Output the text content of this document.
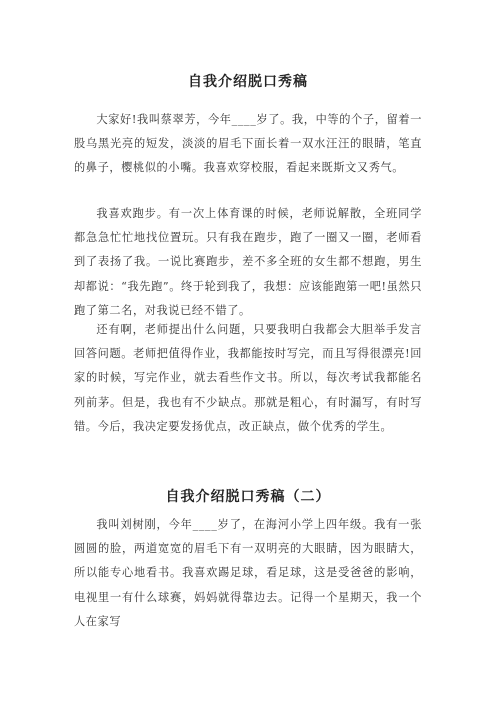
自我介绍脱口秀稿

大家好!我叫蔡翠芳，今年____岁了。我，中等的个子，留着一股乌黑光亮的短发，淡淡的眉毛下面长着一双水汪汪的眼睛，笔直的鼻子，樱桃似的小嘴。我喜欢穿校服，看起来既斯文又秀气。

我喜欢跑步。有一次上体育课的时候，老师说解散，全班同学都急急忙忙地找位置玩。只有我在跑步，跑了一圈又一圈，老师看到了表扬了我。一说比赛跑步，差不多全班的女生都不想跑，男生却都说：“我先跑”。终于轮到我了，我想：应该能跑第一吧!虽然只跑了第二名，对我说已经不错了。

还有啊，老师提出什么问题，只要我明白我都会大胆举手发言回答问题。老师把值得作业，我都能按时写完，而且写得很漂亮!回家的时候，写完作业，就去看些作文书。所以，每次考试我都能名列前茅。但是，我也有不少缺点。那就是粗心，有时漏写，有时写错。今后，我决定要发扬优点，改正缺点，做个优秀的学生。

自我介绍脱口秀稿（二）

我叫刘树刚，今年____岁了，在海河小学上四年级。我有一张圆圆的脸，两道宽宽的眉毛下有一双明亮的大眼睛，因为眼睛大，所以能专心地看书。我喜欢踢足球，看足球，这是受爸爸的影响，电视里一有什么球赛，妈妈就得靠边去。记得一个星期天，我一个人在家写
